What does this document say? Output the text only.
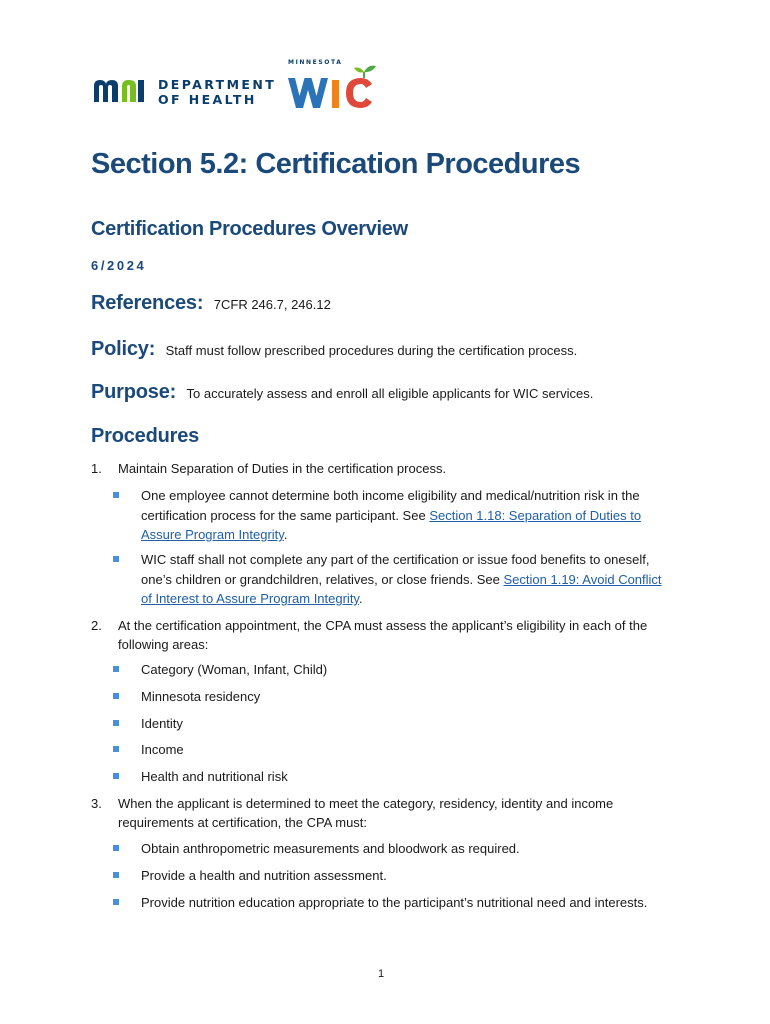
DEPARTMENT
OF HEALTH
MINNESOTA
Section 5.2: Certification Procedures
Certification Procedures Overview
6/2024
References: 7CFR 246.7, 246.12
Policy: Staff must follow prescribed procedures during the certification process.
Purpose: To accurately assess and enroll all eligible applicants for WIC services.
Procedures
1.	Maintain Separation of Duties in the certification process.
One employee cannot determine both income eligibility and medical/nutrition risk in the certification process for the same participant. See Section 1.18: Separation of Duties to Assure Program Integrity.
WIC staff shall not complete any part of the certification or issue food benefits to oneself, one’s children or grandchildren, relatives, or close friends. See Section 1.19: Avoid Conflict of Interest to Assure Program Integrity.
2.	At the certification appointment, the CPA must assess the applicant’s eligibility in each of the following areas:
Category (Woman, Infant, Child)
Minnesota residency
Identity
Income
Health and nutritional risk
3.	When the applicant is determined to meet the category, residency, identity and income requirements at certification, the CPA must:
Obtain anthropometric measurements and bloodwork as required.
Provide a health and nutrition assessment.
Provide nutrition education appropriate to the participant’s nutritional need and interests.
1
